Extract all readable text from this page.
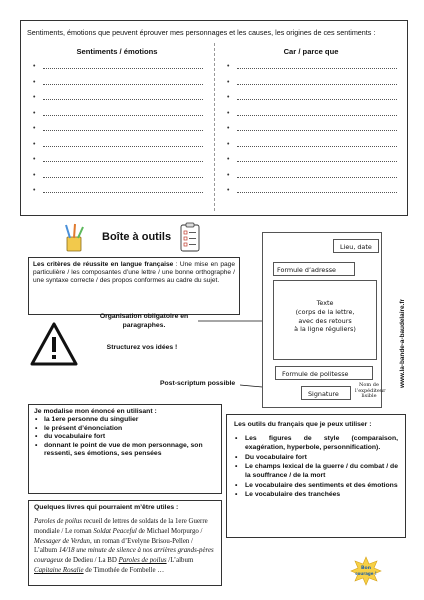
Sentiments, émotions que peuvent éprouver mes personnages et les causes, les origines de ces sentiments :
Sentiments / émotions
•
•
•
•
•
•
•
•
•
Car / parce que
•
•
•
•
•
•
•
•
•
Boîte à outils
Les critères de réussite en langue française : Une mise en page particulière / les composantes d’une lettre / une bonne orthographe / une syntaxe correcte / des propos conformes au cadre du sujet.
Organisation obligatoire en paragraphes.
Structurez vos idées !
Post-scriptum possible
Lieu, date
Formule d’adresse
Texte
(corps de la lettre,
avec des retours
à la ligne réguliers)
Formule de politesse
Signature
Nom de l’expéditeur lisible
www.la-bande-a-baudelaire.fr
Je modalise mon énoncé en utilisant :
• la 1ere personne du singulier
• le présent d’énonciation
• du vocabulaire fort
• donnant le point de vue de mon personnage, son ressenti, ses émotions, ses pensées
Quelques livres qui pourraient m’être utiles :
Paroles de poilus recueil de lettres de soldats de la 1ere Guerre mondiale / Le roman Soldat Peaceful de Michael Morpurgo / Messager de Verdun, un roman d’Evelyne Brisou-Pellen / L’album 14/18 une minute de silence à nos arrières grands-pères courageux de Dedieu / La BD Paroles de poilus /L’album Capitaine Rosalie de Timothée de Fombelle …
Les outils du français que je peux utiliser :
• Les figures de style (comparaison, exagération, hyperbole, personnification).
• Du vocabulaire fort
• Le champs lexical de la guerre / du combat / de la souffrance / de la mort
• Le vocabulaire des sentiments et des émotions
• Le vocabulaire des tranchées
Bon
courage !
